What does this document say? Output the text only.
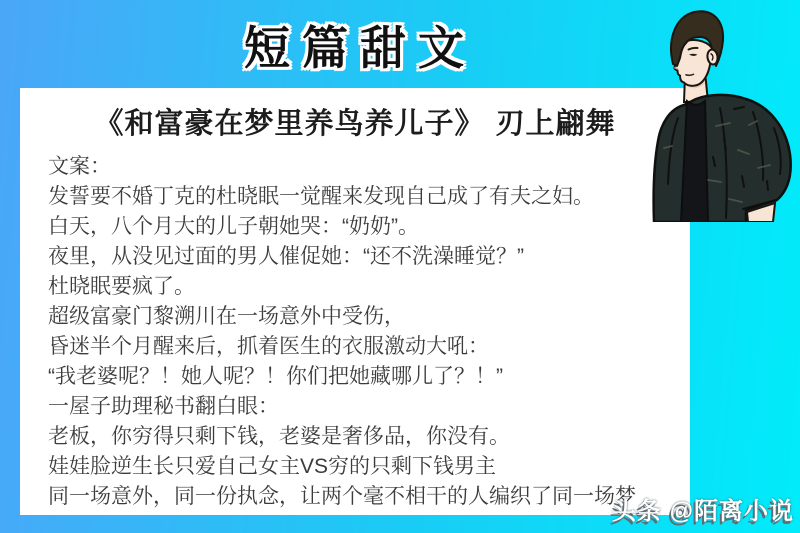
短篇甜文
《和富豪在梦里养鸟养儿子》 刃上翩舞
文案：
发誓要不婚丁克的杜晓眠一觉醒来发现自己成了有夫之妇。
白天，八个月大的儿子朝她哭：“奶奶”。
夜里，从没见过面的男人催促她：“还不洗澡睡觉？”
杜晓眠要疯了。
超级富豪门黎溯川在一场意外中受伤，
昏迷半个月醒来后，抓着医生的衣服激动大吼：
“我老婆呢？！她人呢？！你们把她藏哪儿了？！”
一屋子助理秘书翻白眼：
老板，你穷得只剩下钱，老婆是奢侈品，你没有。
娃娃脸逆生长只爱自己女主VS穷的只剩下钱男主
同一场意外，同一份执念，让两个毫不相干的人编织了同一场梦
头条 @陌离小说
